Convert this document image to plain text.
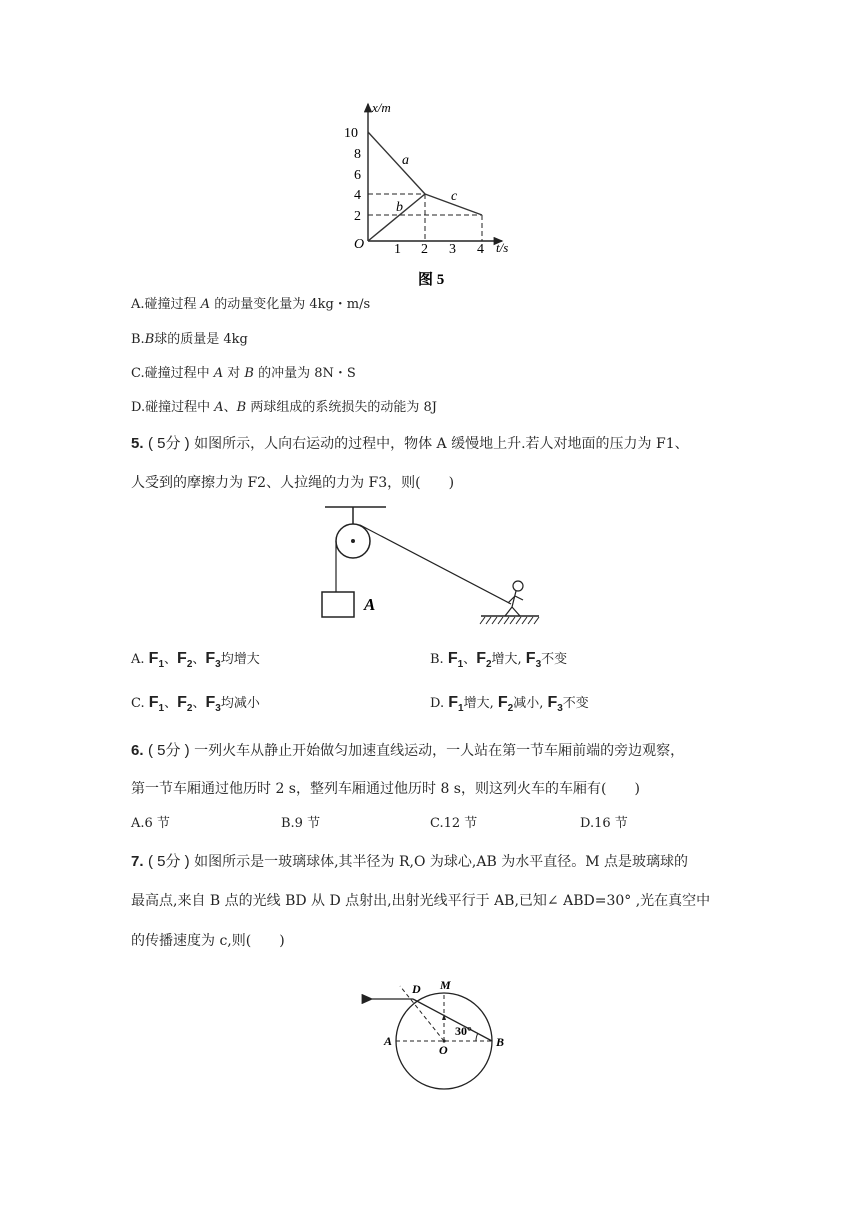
x/m
t/s
O
10
8
6
4
2
1 2 3 4
a
b
c
图 5
A.碰撞过程 A 的动量变化量为 4kg・m/s
B.B球的质量是 4kg
C.碰撞过程中 A 对 B 的冲量为 8N・S
D.碰撞过程中 A、B 两球组成的系统损失的动能为 8J
5. ( 5分 ) 如图所示，人向右运动的过程中，物体 A 缓慢地上升.若人对地面的压力为 F1、
人受到的摩擦力为 F2、人拉绳的力为 F3，则(　　)
A
A. $F_1$、$F_2$、$F_3$均增大	B. $F_1$、$F_2$增大, $F_3$不变
C. $F_1$、$F_2$、$F_3$均减小	D. $F_1$增大, $F_2$减小, $F_3$不变
6. ( 5分 ) 一列火车从静止开始做匀加速直线运动，一人站在第一节车厢前端的旁边观察，
第一节车厢通过他历时 2 s，整列车厢通过他历时 8 s，则这列火车的车厢有(　　)
A.6 节	B.9 节	C.12 节	D.16 节
7. ( 5分 ) 如图所示是一玻璃球体,其半径为 R,O 为球心,AB 为水平直径。M 点是玻璃球的
最高点,来自 B 点的光线 BD 从 D 点射出,出射光线平行于 AB,已知∠ ABD=30° ,光在真空中
的传播速度为 c,则(　　)
D M
A
O
B
30°
